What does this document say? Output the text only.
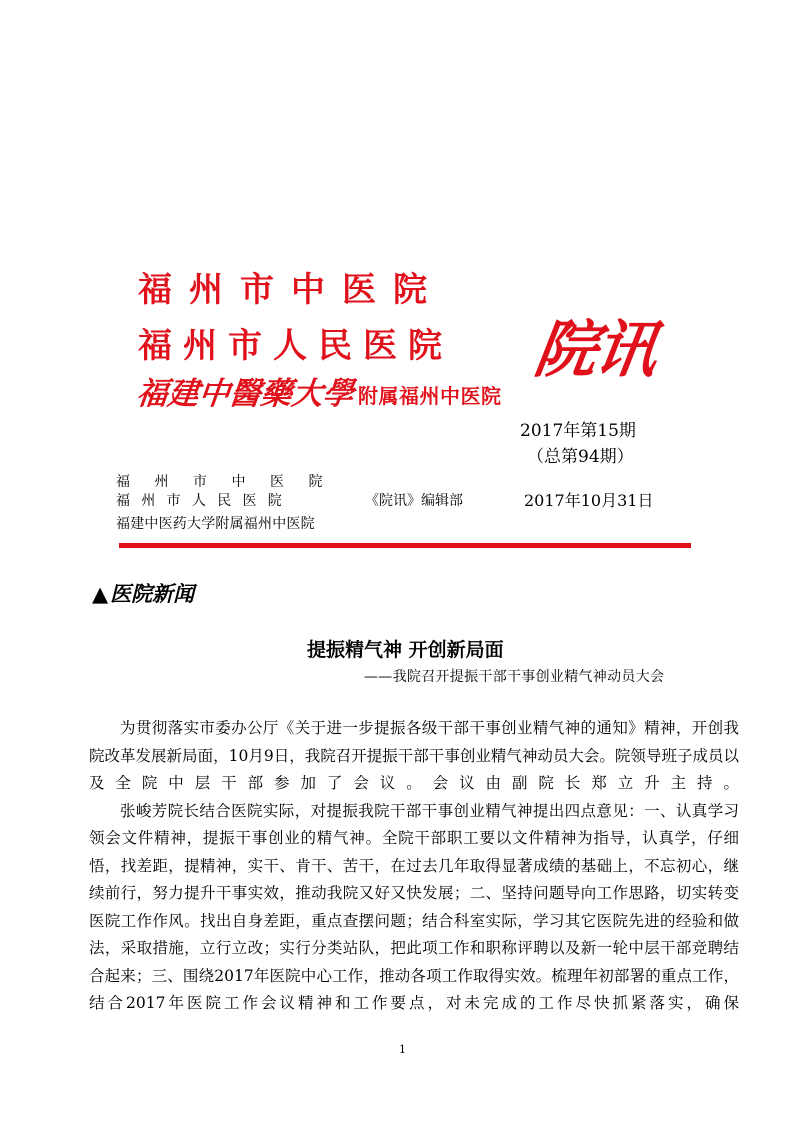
福州市中医院
福州市人民医院
福建中醫藥大學 附属福州中医院
院讯
2017年第15期
（总第94期）
福州市中医院
福州市人民医院
福建中医药大学附属福州中医院
《院讯》编辑部	2017年10月31日
▲医院新闻
提振精气神 开创新局面
——我院召开提振干部干事创业精气神动员大会

为贯彻落实市委办公厅《关于进一步提振各级干部干事创业精气神的通知》精神，开创我院改革发展新局面，10月9日，我院召开提振干部干事创业精气神动员大会。院领导班子成员以及全院中层干部参加了会议。会议由副院长郑立升主持。

张峻芳院长结合医院实际，对提振我院干部干事创业精气神提出四点意见：一、认真学习领会文件精神，提振干事创业的精气神。全院干部职工要以文件精神为指导，认真学，仔细悟，找差距，提精神，实干、肯干、苦干，在过去几年取得显著成绩的基础上，不忘初心，继续前行，努力提升干事实效，推动我院又好又快发展；二、坚持问题导向工作思路，切实转变医院工作作风。找出自身差距，重点查摆问题；结合科室实际，学习其它医院先进的经验和做法，采取措施，立行立改；实行分类站队，把此项工作和职称评聘以及新一轮中层干部竞聘结合起来；三、围绕2017年医院中心工作，推动各项工作取得实效。梳理年初部署的重点工作，结合2017年医院工作会议精神和工作要点，对未完成的工作尽快抓紧落实，确保

1
